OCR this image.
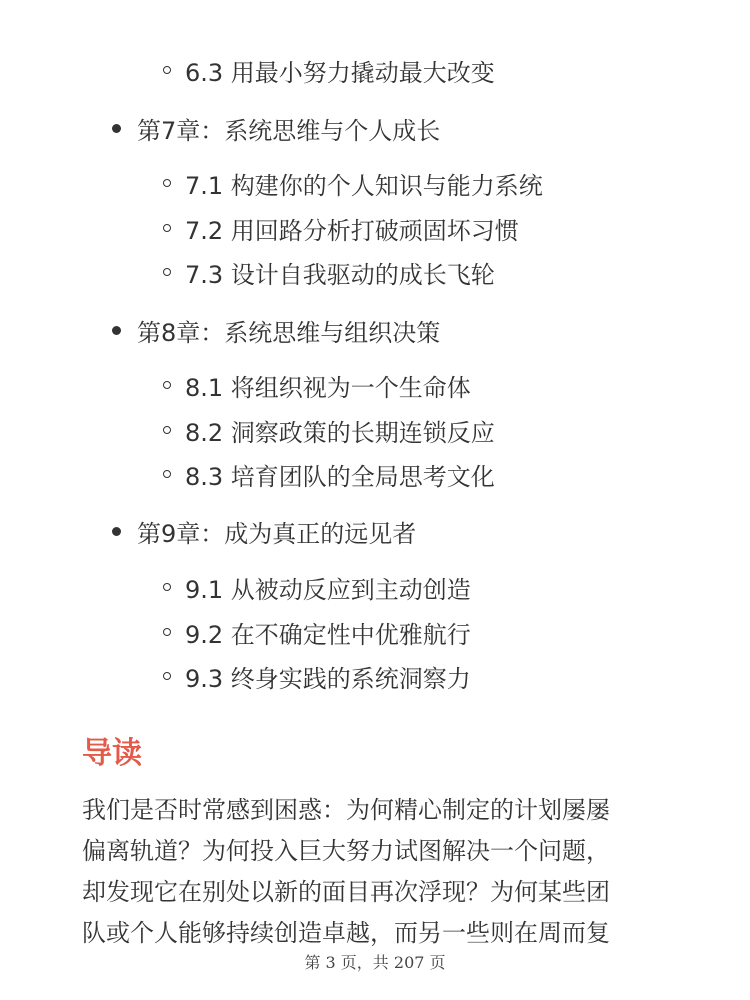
6.3 用最小努力撬动最大改变
第7章：系统思维与个人成长
7.1 构建你的个人知识与能力系统
7.2 用回路分析打破顽固坏习惯
7.3 设计自我驱动的成长飞轮
第8章：系统思维与组织决策
8.1 将组织视为一个生命体
8.2 洞察政策的长期连锁反应
8.3 培育团队的全局思考文化
第9章：成为真正的远见者
9.1 从被动反应到主动创造
9.2 在不确定性中优雅航行
9.3 终身实践的系统洞察力
导读
我们是否时常感到困惑：为何精心制定的计划屡屡
偏离轨道？为何投入巨大努力试图解决一个问题，
却发现它在别处以新的面目再次浮现？为何某些团
队或个人能够持续创造卓越，而另一些则在周而复
第 3 页，共 207 页
